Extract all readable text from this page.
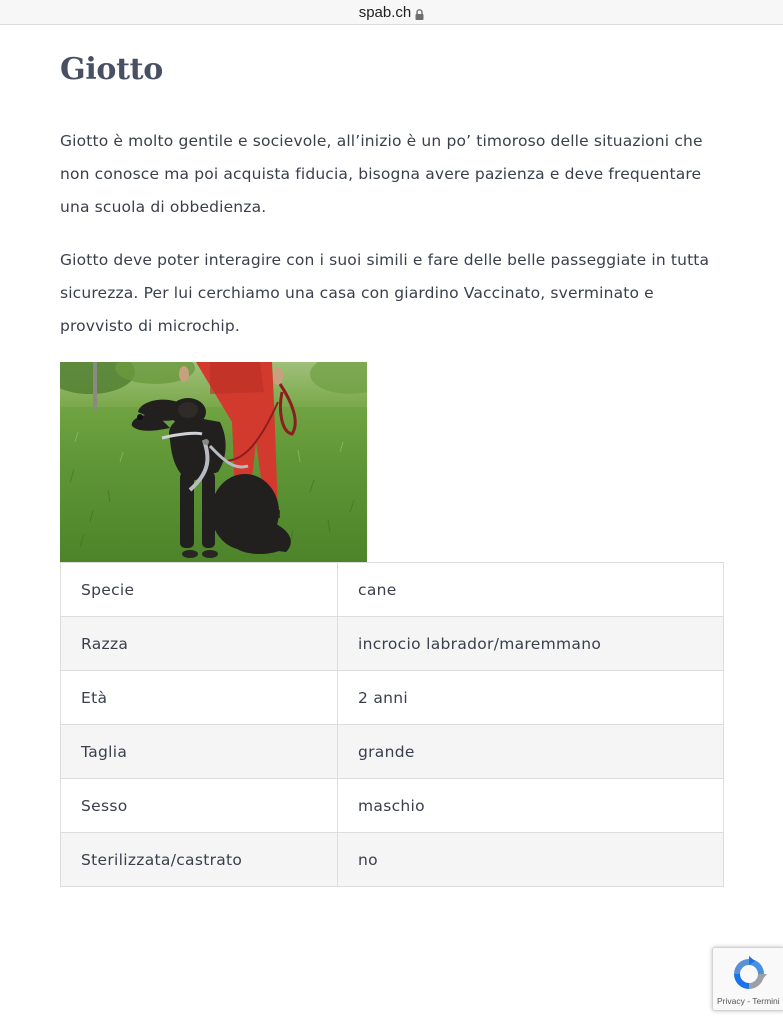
spab.ch
Giotto

Giotto è molto gentile e socievole, all’inizio è un po’ timoroso delle situazioni che non conosce ma poi acquista fiducia, bisogna avere pazienza e deve frequentare una scuola di obbedienza.

Giotto deve poter interagire con i suoi simili e fare delle belle passeggiate in tutta sicurezza. Per lui cerchiamo una casa con giardino Vaccinato, sverminato e provvisto di microchip.

Specie	cane
Razza	incrocio labrador/maremmano
Età	2 anni
Taglia	grande
Sesso	maschio
Sterilizzata/castrato	no
Privacy - Termini
